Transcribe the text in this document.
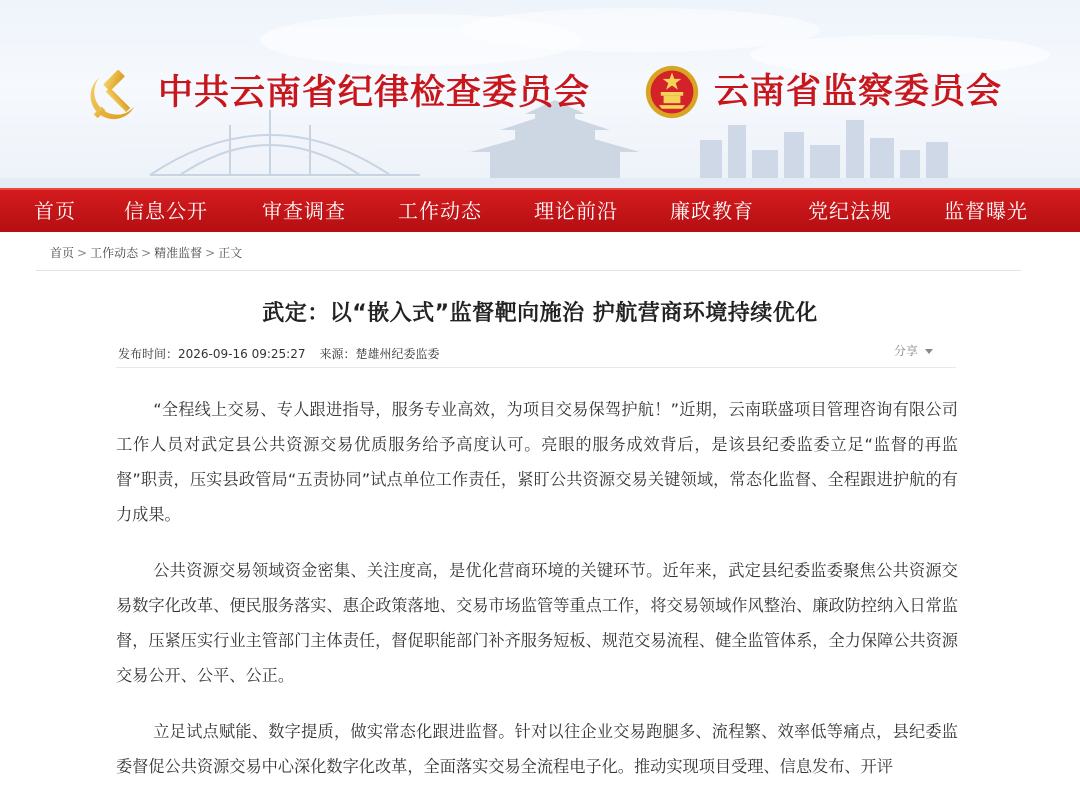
中共云南省纪律检查委员会	云南省监察委员会
首页 信息公开	审查调查	工作动态	理论前沿	廉政教育	党纪法规	监督曝光
首页 > 工作动态 > 精准监督 > 正文
武定：以“嵌入式”监督靶向施治 护航营商环境持续优化
发布时间：2026-09-16 09:25:27 来源：楚雄州纪委监委	分享

“全程线上交易、专人跟进指导，服务专业高效，为项目交易保驾护航！”近期，云南联盛项目管理咨询有限公司工作人员对武定县公共资源交易优质服务给予高度认可。亮眼的服务成效背后，是该县纪委监委立足“监督的再监督”职责，压实县政管局“五责协同”试点单位工作责任，紧盯公共资源交易关键领域，常态化监督、全程跟进护航的有力成果。

公共资源交易领域资金密集、关注度高，是优化营商环境的关键环节。近年来，武定县纪委监委聚焦公共资源交易数字化改革、便民服务落实、惠企政策落地、交易市场监管等重点工作，将交易领域作风整治、廉政防控纳入日常监督，压紧压实行业主管部门主体责任，督促职能部门补齐服务短板、规范交易流程、健全监管体系，全力保障公共资源交易公开、公平、公正。

立足试点赋能、数字提质，做实常态化跟进监督。针对以往企业交易跑腿多、流程繁、效率低等痛点，县纪委监委督促公共资源交易中心深化数字化改革，全面落实交易全流程电子化。推动实现项目受理、信息发布、开评
